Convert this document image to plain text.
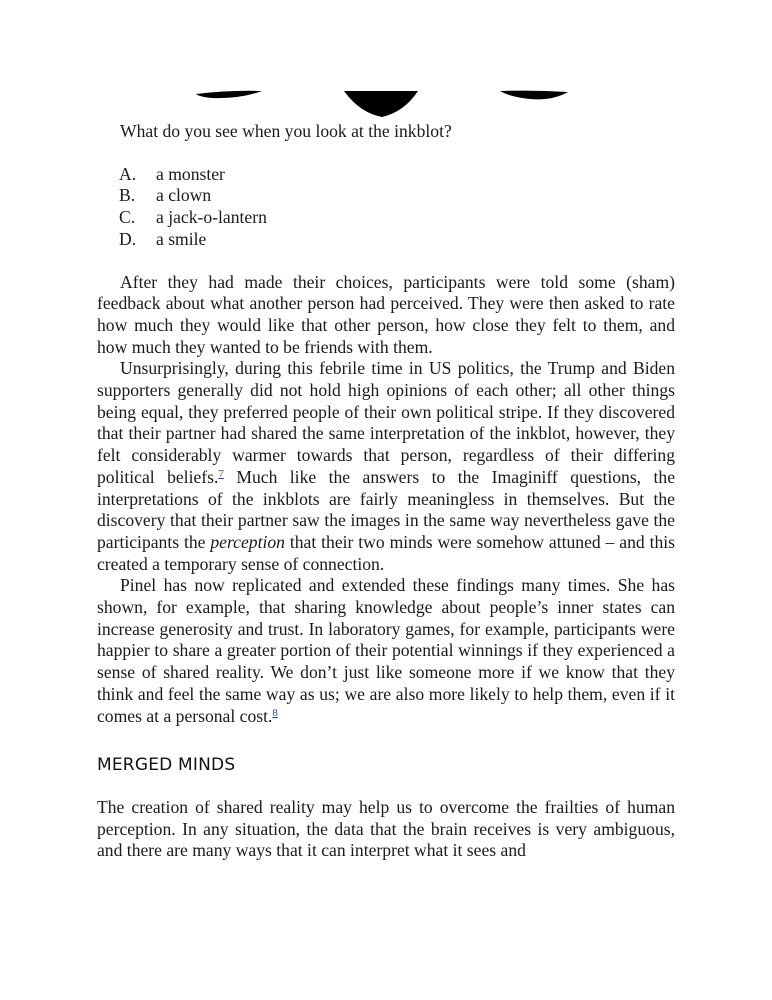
What do you see when you look at the inkblot?

A.	a monster
B.	a clown
C.	a jack-o-lantern
D.	a smile

After they had made their choices, participants were told some (sham) feedback about what another person had perceived. They were then asked to rate how much they would like that other person, how close they felt to them, and how much they wanted to be friends with them.

Unsurprisingly, during this febrile time in US politics, the Trump and Biden supporters generally did not hold high opinions of each other; all other things being equal, they preferred people of their own political stripe. If they discovered that their partner had shared the same interpretation of the inkblot, however, they felt considerably warmer towards that person, regardless of their differing political beliefs.$^7$ Much like the answers to the Imaginiff questions, the interpretations of the inkblots are fairly meaningless in themselves. But the discovery that their partner saw the images in the same way nevertheless gave the participants the perception that their two minds were somehow attuned – and this created a temporary sense of connection.

Pinel has now replicated and extended these findings many times. She has shown, for example, that sharing knowledge about people’s inner states can increase generosity and trust. In laboratory games, for example, participants were happier to share a greater portion of their potential winnings if they experienced a sense of shared reality. We don’t just like someone more if we know that they think and feel the same way as us; we are also more likely to help them, even if it comes at a personal cost.$^8$

MERGED MINDS

The creation of shared reality may help us to overcome the frailties of human perception. In any situation, the data that the brain receives is very ambiguous, and there are many ways that it can interpret what it sees and
